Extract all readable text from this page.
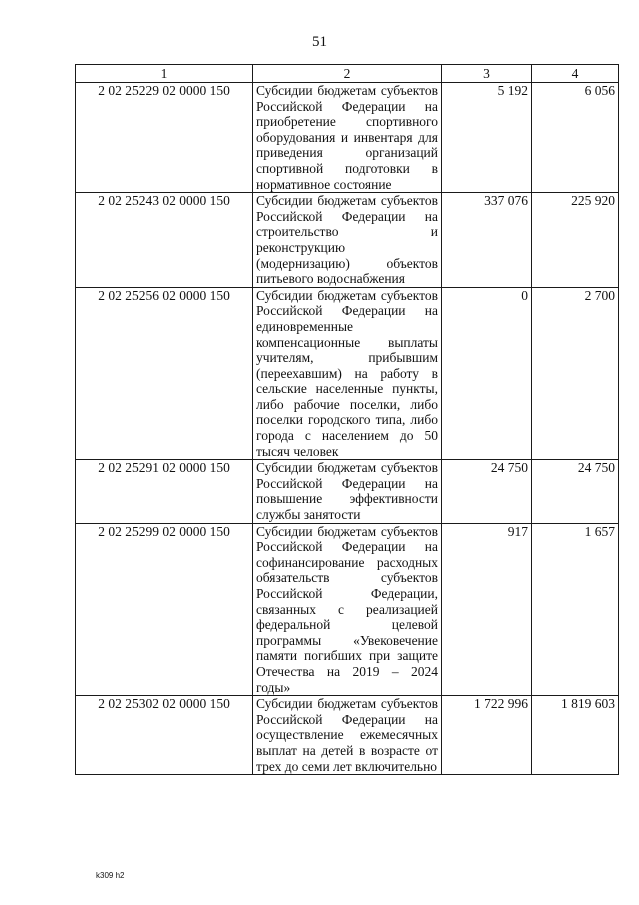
51
1	2	3	4
2 02 25229 02 0000 150	Субсидии бюджетам субъектов Российской Федерации на приобретение спортивного оборудования и инвентаря для приведения организаций спортивной подготовки в нормативное состояние	5 192	6 056
2 02 25243 02 0000 150	Субсидии бюджетам субъектов Российской Федерации на строительство и реконструкцию (модернизацию) объектов питьевого водоснабжения	337 076	225 920
2 02 25256 02 0000 150	Субсидии бюджетам субъектов Российской Федерации на единовременные компенсационные выплаты учителям, прибывшим (переехавшим) на работу в сельские населенные пункты, либо рабочие поселки, либо поселки городского типа, либо города с населением до 50 тысяч человек	0	2 700
2 02 25291 02 0000 150	Субсидии бюджетам субъектов Российской Федерации на повышение эффективности службы занятости	24 750	24 750
2 02 25299 02 0000 150	Субсидии бюджетам субъектов Российской Федерации на софинансирование расходных обязательств субъектов Российской Федерации, связанных с реализацией федеральной целевой программы «Увековечение памяти погибших при защите Отечества на 2019 – 2024 годы»	917	1 657
2 02 25302 02 0000 150	Субсидии бюджетам субъектов Российской Федерации на осуществление ежемесячных выплат на детей в возрасте от трех до семи лет включительно	1 722 996	1 819 603
k309 h2
